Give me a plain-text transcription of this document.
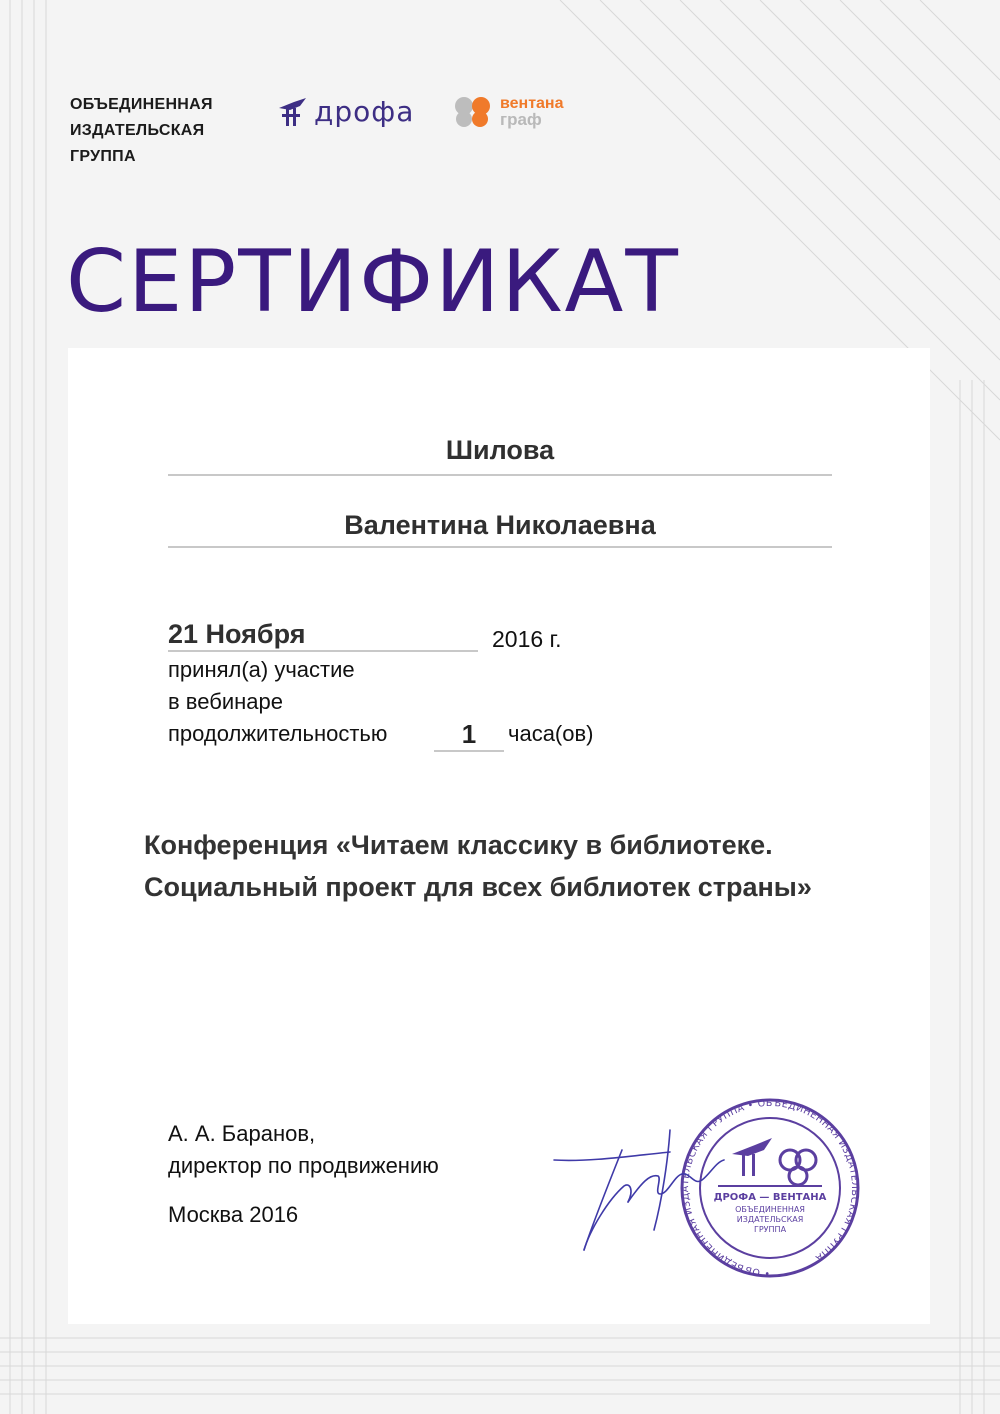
ОБЪЕДИНЕННАЯ
ИЗДАТЕЛЬСКАЯ
ГРУППА
дрофа	вентана
граф
СЕРТИФИКАТ
Шилова
Валентина Николаевна
21 Ноября	2016 г.
принял(а) участие
в вебинаре
продолжительностью	1	часа(ов)
Конференция «Читаем классику в библиотеке. Социальный проект для всех библиотек страны»
А. А. Баранов,
директор по продвижению
Москва 2016
• ОБЪЕДИНЕННАЯ ИЗДАТЕЛЬСКАЯ ГРУППА • ОБЪЕДИНЕННАЯ ИЗДАТЕЛЬСКАЯ ГРУППА
ДРОФА — ВЕНТАНА
ОБЪЕДИНЕННАЯ
ИЗДАТЕЛЬСКАЯ
ГРУППА
